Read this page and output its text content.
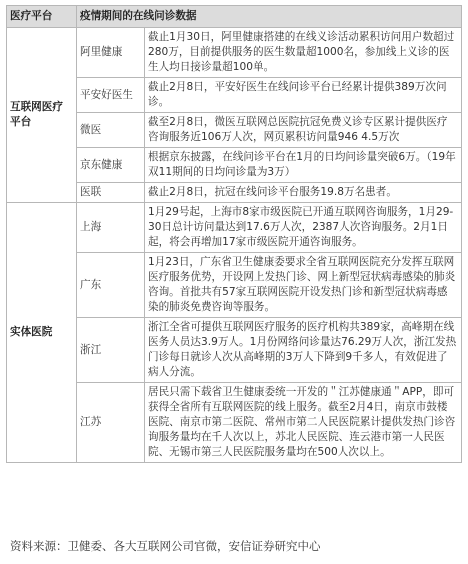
医疗平台	疫情期间的在线问诊数据	
互联网医疗平台	阿里健康	截止1月30日，阿里健康搭建的在线义诊活动累积访问用户数超过280万，目前提供服务的医生数量超1000名，参加线上义诊的医生人均日接诊量超100单。
	平安好医生	截止2月8日，平安好医生在线问诊平台已经累计提供389万次问诊。
	微医	截至2月8日，微医互联网总医院抗冠免费义诊专区累计提供医疗咨询服务近106万人次，网页累积访问量946 4.5万次
	京东健康	根据京东披露，在线问诊平台在1月的日均问诊量突破6万。（19年双11期间的日均问诊量为3万）
	医联	截止2月8日，抗冠在线问诊平台服务19.8万名患者。
实体医院	上海	1月29号起，上海市8家市级医院已开通互联网咨询服务，1月29-30日总计访问量达到17.6万人次，2387人次咨询服务。2月1日起，将会再增加17家市级医院开通咨询服务。
	广东	1月23日，广东省卫生健康委要求全省互联网医院充分发挥互联网医疗服务优势，开设网上发热门诊、网上新型冠状病毒感染的肺炎咨询。首批共有57家互联网医院开设发热门诊和新型冠状病毒感染的肺炎免费咨询等服务。
	浙江	浙江全省可提供互联网医疗服务的医疗机构共389家，高峰期在线医务人员达3.9万人。1月份网络问诊量达76.29万人次，浙江发热门诊每日就诊人次从高峰期的3万人下降到9千多人，有效促进了病人分流。
	江苏	居民只需下载省卫生健康委统一开发的＂江苏健康通＂APP，即可获得全省所有互联网医院的线上服务。截至2月4日，南京市鼓楼医院、南京市第二医院、常州市第二人民医院累计提供发热门诊咨询服务量均在千人次以上，苏北人民医院、连云港市第一人民医院、无锡市第三人民医院服务量均在500人次以上。
资料来源：卫健委、各大互联网公司官微，安信证券研究中心
